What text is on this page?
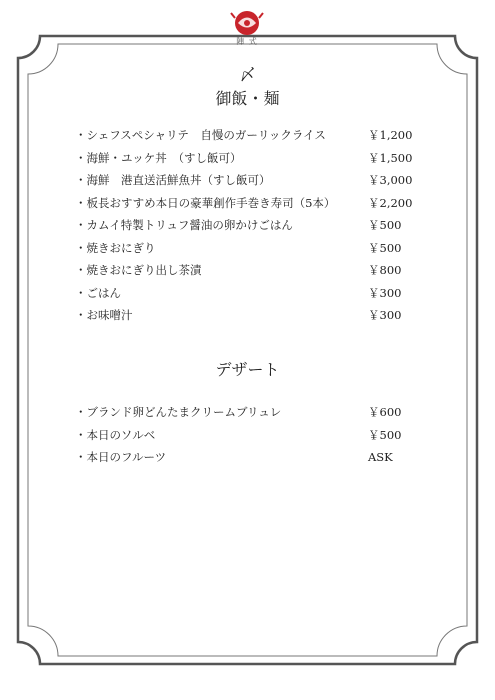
陣 式
〆
御飯・麺
・シェフスペシャリテ　自慢のガーリックライス	￥1,200
・海鮮・ユッケ丼　（すし飯可）	￥1,500
・海鮮　港直送活鮮魚丼（すし飯可）	￥3,000
・板長おすすめ本日の豪華創作手巻き寿司（5本）	￥2,200
・カムイ特製トリュフ醤油の卵かけごはん	￥500
・焼きおにぎり	￥500
・焼きおにぎり出し茶漬	￥800
・ごはん	￥300
・お味噌汁	￥300
デザート
・ブランド卵どんたまクリームブリュレ	￥600
・本日のソルベ	￥500
・本日のフルーツ	ASK
